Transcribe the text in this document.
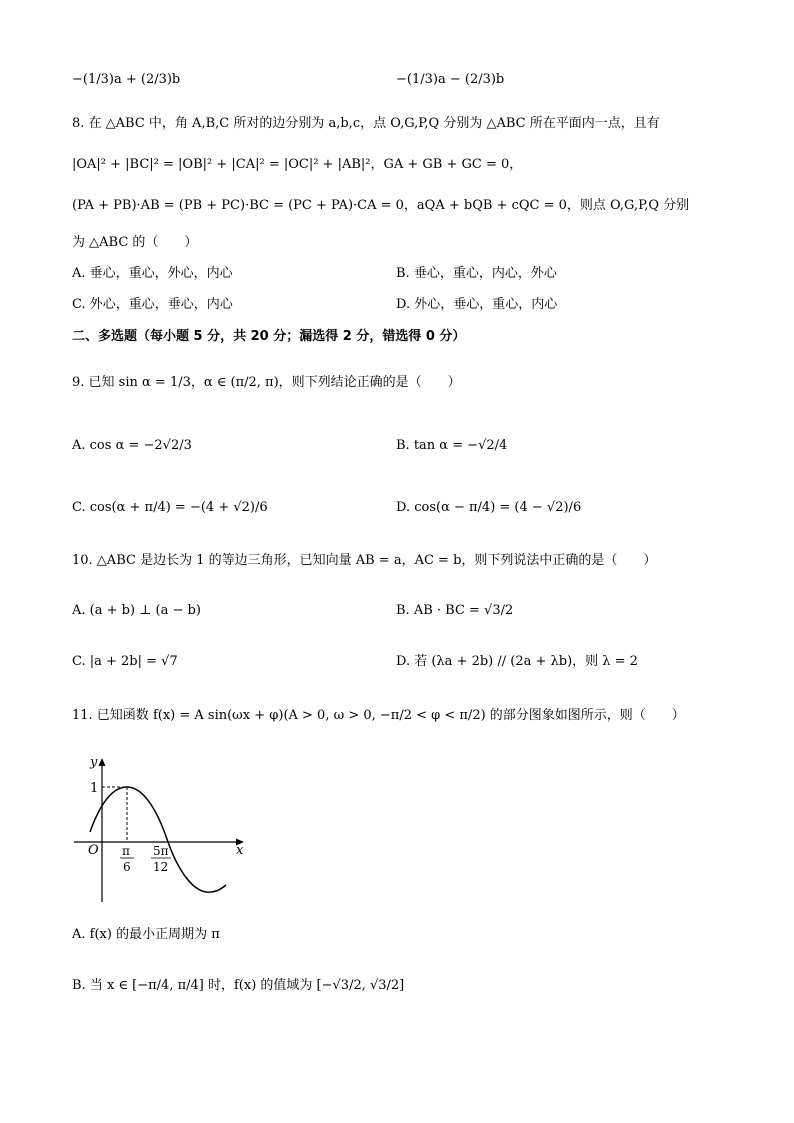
−(1/3)a + (2/3)b	−(1/3)a − (2/3)b
8. 在 △ABC 中，角 A,B,C 所对的边分别为 a,b,c，点 O,G,P,Q 分别为 △ABC 所在平面内一点，且有
|OA|² + |BC|² = |OB|² + |CA|² = |OC|² + |AB|²，GA + GB + GC = 0，
(PA + PB)·AB = (PB + PC)·BC = (PC + PA)·CA = 0，aQA + bQB + cQC = 0，则点 O,G,P,Q 分别
为 △ABC 的（　　）
A. 垂心，重心，外心，内心	B. 垂心，重心，内心，外心
C. 外心，重心，垂心，内心	D. 外心，垂心，重心，内心
二、多选题（每小题 5 分，共 20 分；漏选得 2 分，错选得 0 分）
9. 已知 sin α = 1/3，α ∈ (π/2, π)，则下列结论正确的是（　　）
A. cos α = −2√2/3	B. tan α = −√2/4
C. cos(α + π/4) = −(4 + √2)/6	D. cos(α − π/4) = (4 − √2)/6
10. △ABC 是边长为 1 的等边三角形，已知向量 AB = a，AC = b，则下列说法中正确的是（　　）
A. (a + b) ⊥ (a − b)	B. AB · BC = √3/2
C. |a + 2b| = √7	D. 若 (λa + 2b) // (2a + λb)，则 λ = 2
11. 已知函数 f(x) = A sin(ωx + φ)(A > 0, ω > 0, −π/2 < φ < π/2) 的部分图象如图所示，则（　　）
y
x
O
1
π
6
5π
12
A. f(x) 的最小正周期为 π
B. 当 x ∈ [−π/4, π/4] 时，f(x) 的值域为 [−√3/2, √3/2]
